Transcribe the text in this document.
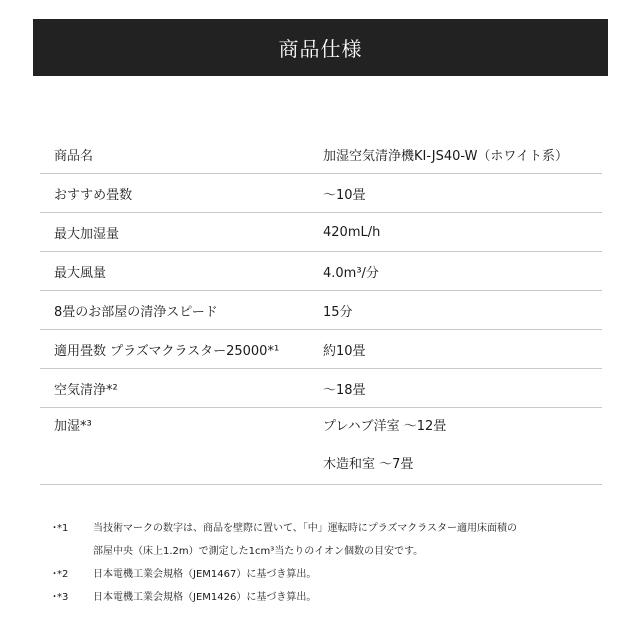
商品仕様
商品名	加湿空気清浄機KI-JS40-W（ホワイト系）
おすすめ畳数	〜10畳
最大加湿量	420mL/h
最大風量	4.0m³/分
8畳のお部屋の清浄スピード	15分
適用畳数 プラズマクラスター25000*¹	約10畳
空気清浄*²	〜18畳
加湿*³	プレハブ洋室 〜12畳
木造和室 〜7畳
･*1	当技術マークの数字は、商品を壁際に置いて、「中」運転時にプラズマクラスター適用床面積の
部屋中央（床上1.2m）で測定した1cm³当たりのイオン個数の目安です。
･*2	日本電機工業会規格（JEM1467）に基づき算出。
･*3	日本電機工業会規格（JEM1426）に基づき算出。
